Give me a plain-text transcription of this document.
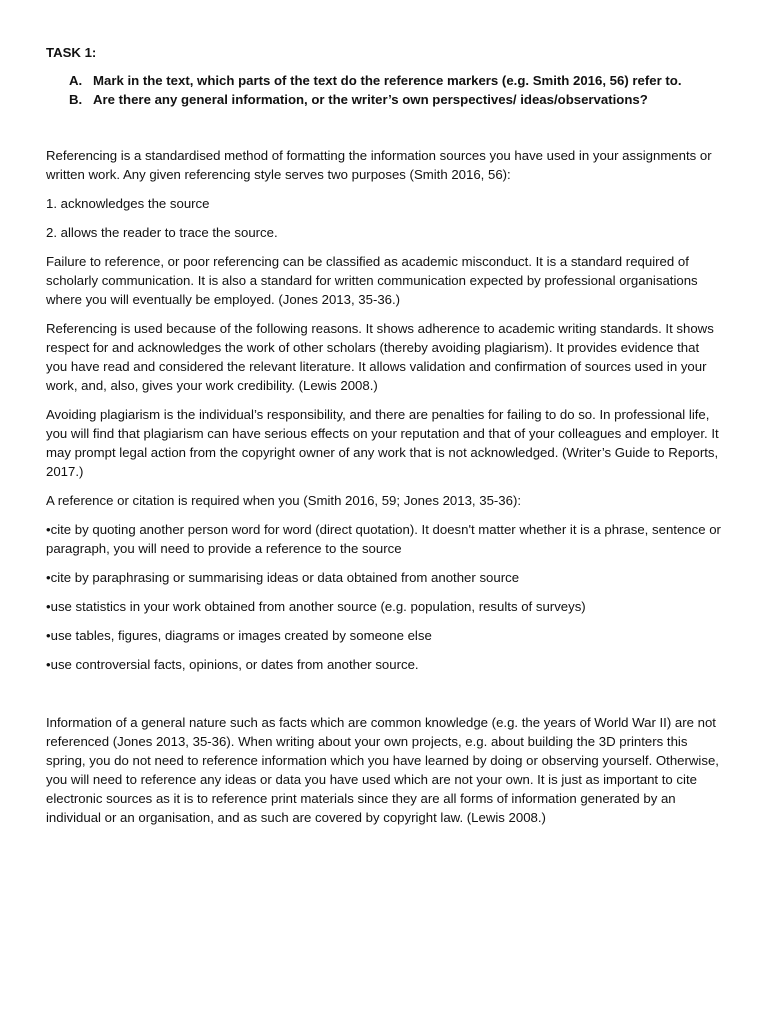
TASK 1:
A. Mark in the text, which parts of the text do the reference markers (e.g. Smith 2016, 56) refer to.
B. Are there any general information, or the writer’s own perspectives/ ideas/observations?

Referencing is a standardised method of formatting the information sources you have used in your assignments or written work. Any given referencing style serves two purposes (Smith 2016, 56):

1. acknowledges the source

2. allows the reader to trace the source.

Failure to reference, or poor referencing can be classified as academic misconduct. It is a standard required of scholarly communication. It is also a standard for written communication expected by professional organisations where you will eventually be employed. (Jones 2013, 35-36.)

Referencing is used because of the following reasons. It shows adherence to academic writing standards. It shows respect for and acknowledges the work of other scholars (thereby avoiding plagiarism). It provides evidence that you have read and considered the relevant literature. It allows validation and confirmation of sources used in your work, and, also, gives your work credibility. (Lewis 2008.)

Avoiding plagiarism is the individual’s responsibility, and there are penalties for failing to do so. In professional life, you will find that plagiarism can have serious effects on your reputation and that of your colleagues and employer. It may prompt legal action from the copyright owner of any work that is not acknowledged. (Writer’s Guide to Reports, 2017.)

A reference or citation is required when you (Smith 2016, 59; Jones 2013, 35-36):

•cite by quoting another person word for word (direct quotation). It doesn't matter whether it is a phrase, sentence or paragraph, you will need to provide a reference to the source

•cite by paraphrasing or summarising ideas or data obtained from another source

•use statistics in your work obtained from another source (e.g. population, results of surveys)

•use tables, figures, diagrams or images created by someone else

•use controversial facts, opinions, or dates from another source.

Information of a general nature such as facts which are common knowledge (e.g. the years of World War II) are not referenced (Jones 2013, 35-36). When writing about your own projects, e.g. about building the 3D printers this spring, you do not need to reference information which you have learned by doing or observing yourself. Otherwise, you will need to reference any ideas or data you have used which are not your own. It is just as important to cite electronic sources as it is to reference print materials since they are all forms of information generated by an individual or an organisation, and as such are covered by copyright law. (Lewis 2008.)
